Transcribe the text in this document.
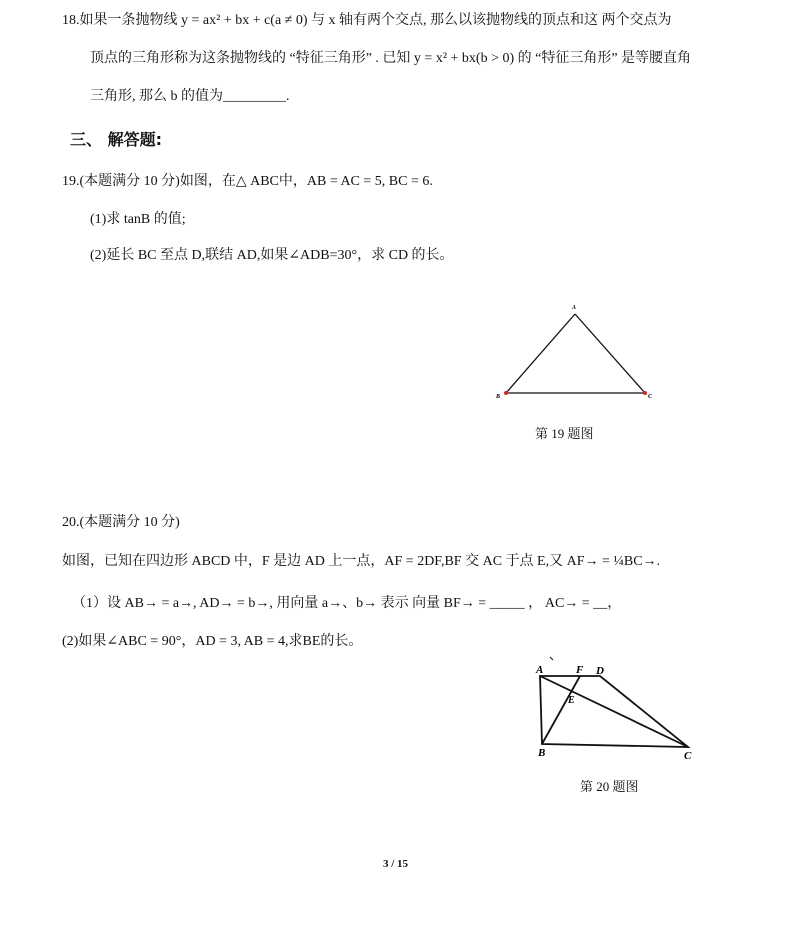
18.如果一条抛物线 y = ax² + bx + c(a ≠ 0) 与 x 轴有两个交点, 那么以该抛物线的顶点和这 两个交点为
顶点的三角形称为这条抛物线的 “特征三角形” . 已知 y = x² + bx(b > 0) 的 “特征三角形” 是等腰直角
三角形, 那么 b 的值为_________.
三、 解答题:
19.(本题满分 10 分)如图，在△ ABC中，AB = AC = 5, BC = 6.
(1)求 tanB 的值;
(2)延长 BC 至点 D,联结 AD,如果∠ADB=30°，求 CD 的长。
A
B	C
A	F D
E
B	C
第 19 题图
20.(本题满分 10 分)
如图，已知在四边形 ABCD 中，F 是边 AD 上一点，AF = 2DF,BF 交 AC 于点 E,又 AF→ = ¼BC→.
（1）设 AB→ = a→, AD→ = b→, 用向量 a→、b→ 表示 向量 BF→ = _____ ， AC→ = __，
(2)如果∠ABC = 90°，AD = 3, AB = 4,求BE的长。
第 20 题图
3 / 15
